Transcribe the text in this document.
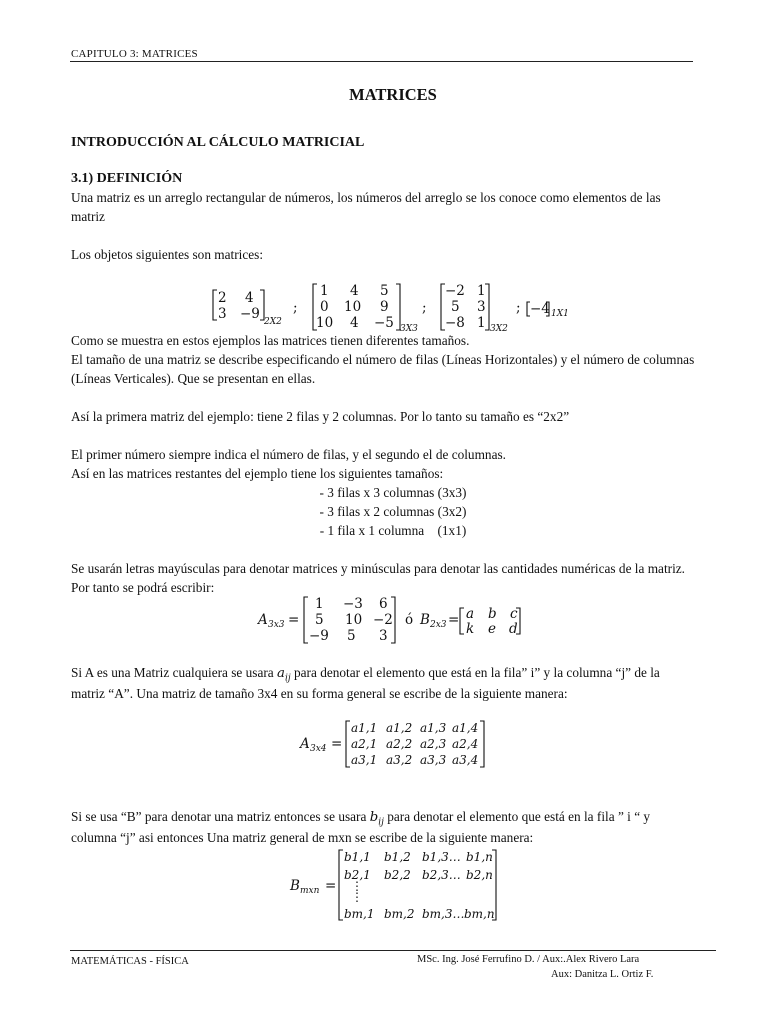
CAPITULO 3: MATRICES
MATRICES
INTRODUCCIÓN AL CÁLCULO MATRICIAL
3.1) DEFINICIÓN
Una matriz es un arreglo rectangular de números, los números del arreglo se los conoce como elementos de las
matriz
Los objetos siguientes son matrices:
2 4
3 −9 2X2
;
1 4 5
0 10 9
10 4 −5 3X3
;
−2 1
5 3
−8 1 3X2
; −4 1X1
Como se muestra en estos ejemplos las matrices tienen diferentes tamaños.
El tamaño de una matriz se describe especificando el número de filas (Líneas Horizontales) y el número de columnas
(Líneas Verticales). Que se presentan en ellas.
Así la primera matriz del ejemplo: tiene 2 filas y 2 columnas. Por lo tanto su tamaño es “2x2”
El primer número siempre indica el número de filas, y el segundo el de columnas.
Así en las matrices restantes del ejemplo tiene los siguientes tamaños:
- 3 filas x 3 columnas (3x3)
- 3 filas x 2 columnas (3x2)
- 1 fila x 1 columna    (1x1)
Se usarán letras mayúsculas para denotar matrices y minúsculas para denotar las cantidades numéricas de la matriz.
Por tanto se podrá escribir:
A 3x3 =
1 −3 6
5 10 −2
−9 5 3
ó B 2x3 = a b c
k e d
Si A es una Matriz cualquiera se usara $a_{ij}$ para denotar el elemento que está en la fila” i” y la columna “j” de la
matriz “A”. Una matriz de tamaño 3x4 en su forma general se escribe de la siguiente manera:
A 3x4 =
a1,1 a1,2 a1,3 a1,4
a2,1 a2,2 a2,3 a2,4
a3,1 a3,2 a3,3 a3,4
Si se usa “B” para denotar una matriz entonces se usara $b_{ij}$ para denotar el elemento que está en la fila ” i “ y
columna “j” asi entonces Una matriz general de mxn se escribe de la siguiente manera:
B mxn =
b1,1 b1,2 b1,3… b1,n
b2,1 b2,2 b2,3… b2,n
⋮
⋮
bm,1 bm,2 bm,3… bm,n
MATEMÁTICAS - FÍSICA	MSc. Ing. José Ferrufino D. / Aux:.Alex Rivero Lara
Aux: Danitza L. Ortiz F.
